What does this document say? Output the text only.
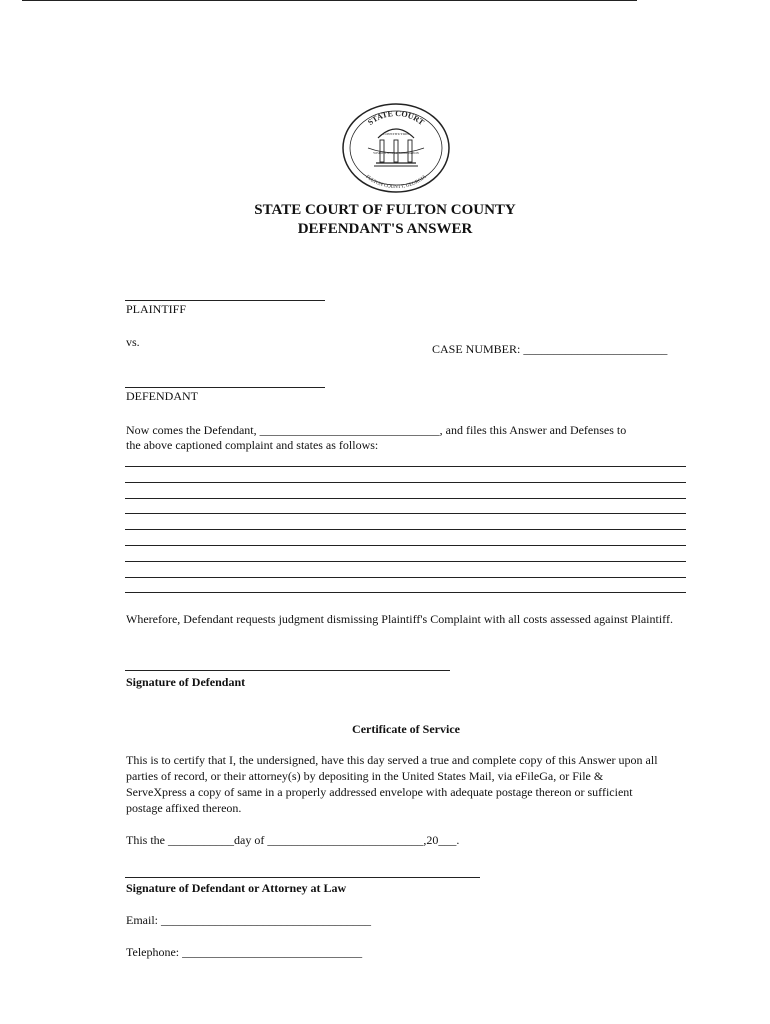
STATE COURT
FULTON COUNTY, GEORGIA
CONSTITUTION
WISDOM JUSTICE MODERATION
STATE COURT OF FULTON COUNTY
DEFENDANT'S ANSWER
PLAINTIFF
vs.	CASE NUMBER: ________________________
DEFENDANT
Now comes the Defendant, ______________________________, and files this Answer and Defenses to
the above captioned complaint and states as follows:
Wherefore, Defendant requests judgment dismissing Plaintiff's Complaint with all costs assessed against Plaintiff.
Signature of Defendant
Certificate of Service
This is to certify that I, the undersigned, have this day served a true and complete copy of this Answer upon all parties of record, or their attorney(s) by depositing in the United States Mail, via eFileGa, or File & ServeXpress a copy of same in a properly addressed envelope with adequate postage thereon or sufficient postage affixed thereon.
This the ___________day of __________________________,20___.
Signature of Defendant or Attorney at Law
Email: ___________________________________
Telephone: ______________________________
